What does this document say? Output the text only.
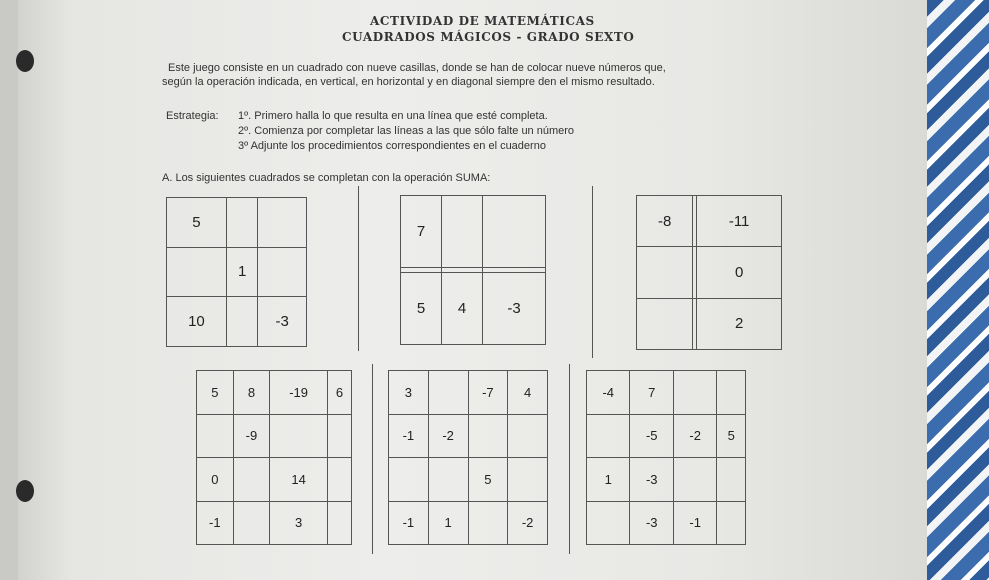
ACTIVIDAD DE MATEMÁTICAS
CUADRADOS MÁGICOS - GRADO SEXTO
Este juego consiste en un cuadrado con nueve casillas, donde se han de colocar nueve números que,
según la operación indicada, en vertical, en horizontal y en diagonal siempre den el mismo resultado.
Estrategia: 1º. Primero halla lo que resulta en una línea que esté completa.
2º. Comienza por completar las líneas a las que sólo falte un número
3º Adjunte los procedimientos correspondientes en el cuaderno
A. Los siguientes cuadrados se completan con la operación SUMA:
5		
	1	
10		-3
7		

5	4	-3
-8		-11
		0
		2
5	8	-19	6
	-9		
0		14	
-1		3	
3		-7	4
-1	-2		
		5	
-1	1		-2
-4	7		
	-5	-2	5
1	-3		
	-3	-1	
